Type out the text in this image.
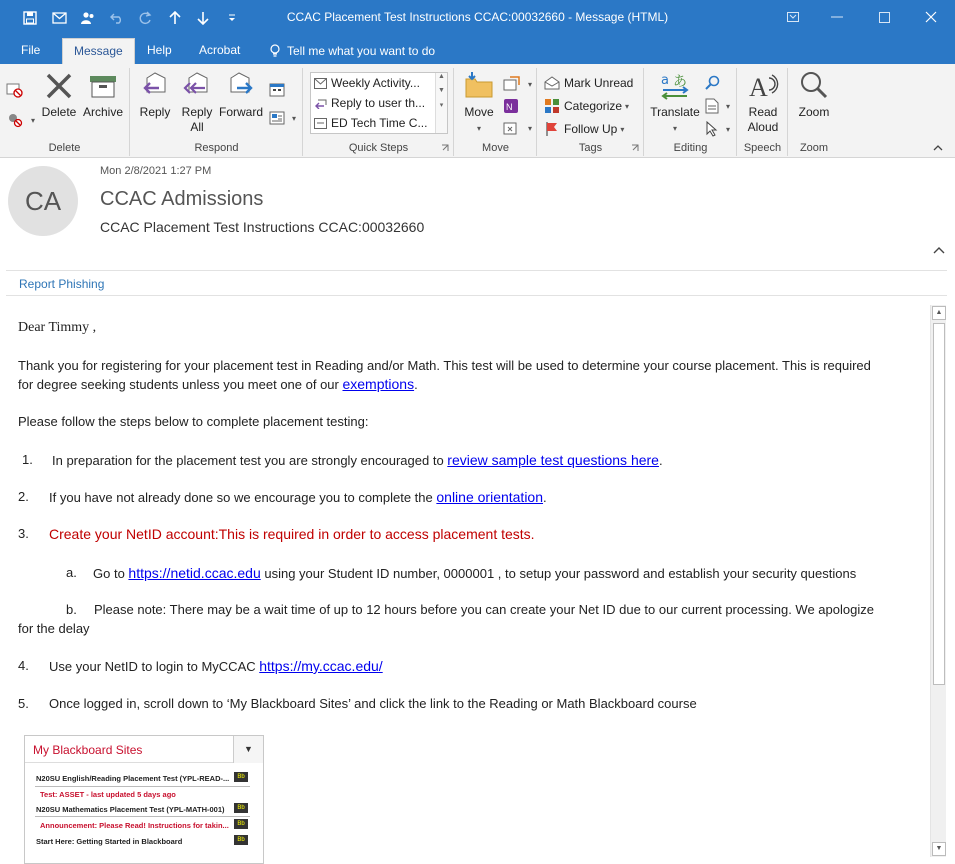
CCAC Placement Test Instructions CCAC:00032660 - Message (HTML)
File	Message	Help	Acrobat	Tell me what you want to do
▾
Delete Archive
Delete
Reply Reply
All
Forward	▾
Respond
Weekly Activity...
Reply to user th...
ED Tech Time C...
▲

▼

▾
Quick Steps
Move
▾
▾
N
▾
Move
Mark Unread
Categorize ▾
Follow Up ▾
Tags
a あ
Translate
▾
▾
▾
Editing
A
Read
Aloud
Speech
Zoom
Zoom
CA
Mon 2/8/2021 1:27 PM
CCAC Admissions
CCAC Placement Test Instructions CCAC:00032660
Report Phishing

Dear Timmy ,

Thank you for registering for your placement test in Reading and/or Math. This test will be used to determine your course placement. This is required

for degree seeking students unless you meet one of our exemptions.

Please follow the steps below to complete placement testing:

1. In preparation for the placement test you are strongly encouraged to review sample test questions here.

2. If you have not already done so we encourage you to complete the online orientation.

3. Create your NetID account:This is required in order to access placement tests.

a. Go to https://netid.ccac.edu using your Student ID number, 0000001 , to setup your password and establish your security questions

b. Please note: There may be a wait time of up to 12 hours before you can create your Net ID due to our current processing. We apologize

for the delay

4. Use your NetID to login to MyCCAC https://my.ccac.edu/

5. Once logged in, scroll down to ‘My Blackboard Sites’ and click the link to the Reading or Math Blackboard course

My Blackboard Sites	▼
N20SU English/Reading Placement Test (YPL-READ-...	Bb
Test: ASSET - last updated 5 days ago
N20SU Mathematics Placement Test (YPL-MATH-001)	Bb
Announcement: Please Read! Instructions for takin...	Bb
Start Here: Getting Started in Blackboard	Bb
▲
▼
